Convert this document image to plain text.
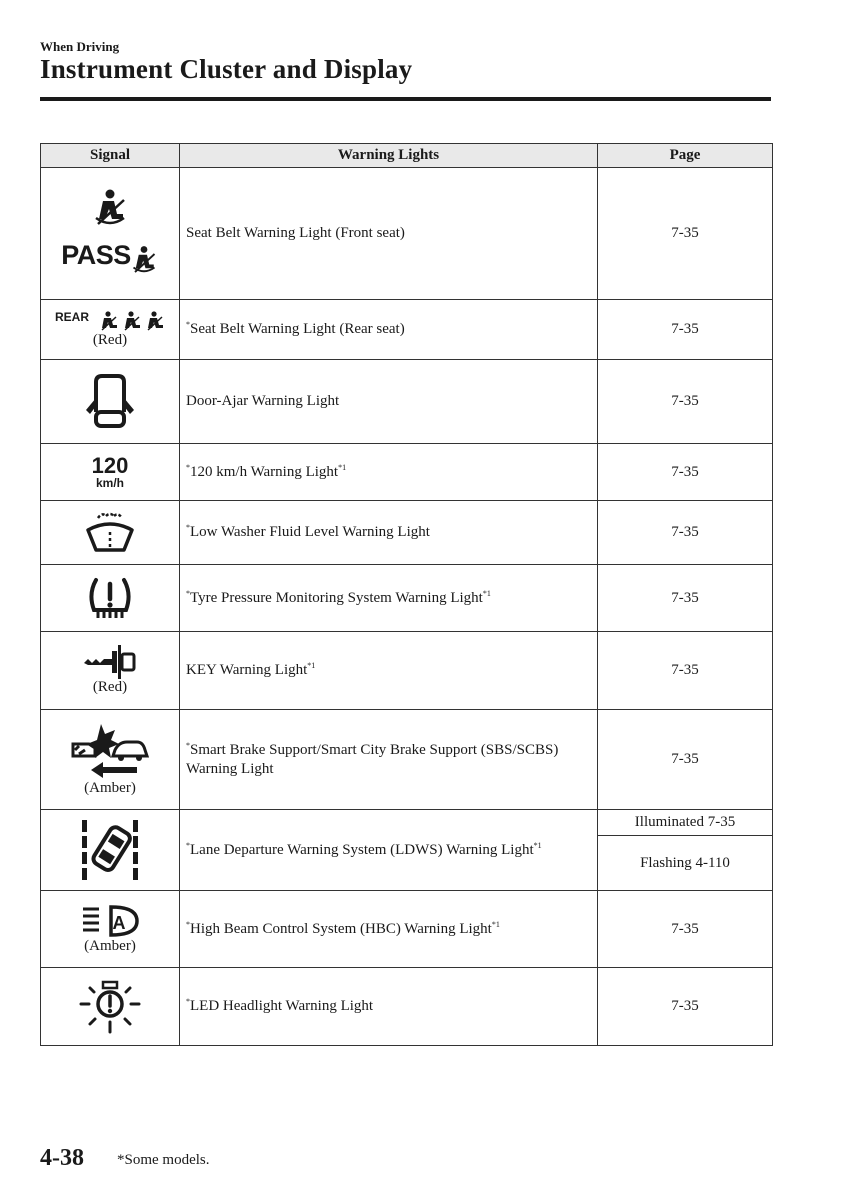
When Driving
Instrument Cluster and Display
Signal	Warning Lights	Page

PASS	Seat Belt Warning Light (Front seat)	7-35

REAR
(Red)	*Seat Belt Warning Light (Rear seat)	7-35
	Door-Ajar Warning Light	7-35

120
km/h	*120 km/h Warning Light$^{*1}$	7-35
	*Low Washer Fluid Level Warning Light	7-35
	*Tyre Pressure Monitoring System Warning Light$^{*1}$	7-35

(Red)	KEY Warning Light$^{*1}$	7-35

(Amber)	*Smart Brake Support/Smart City Brake Support (SBS/SCBS) Warning Light	7-35
	*Lane Departure Warning System (LDWS) Warning Light$^{*1}$	Illuminated 7-35
		Flashing 4-110

A
(Amber)	*High Beam Control System (HBC) Warning Light$^{*1}$	7-35
	*LED Headlight Warning Light	7-35
4-38 *Some models.
